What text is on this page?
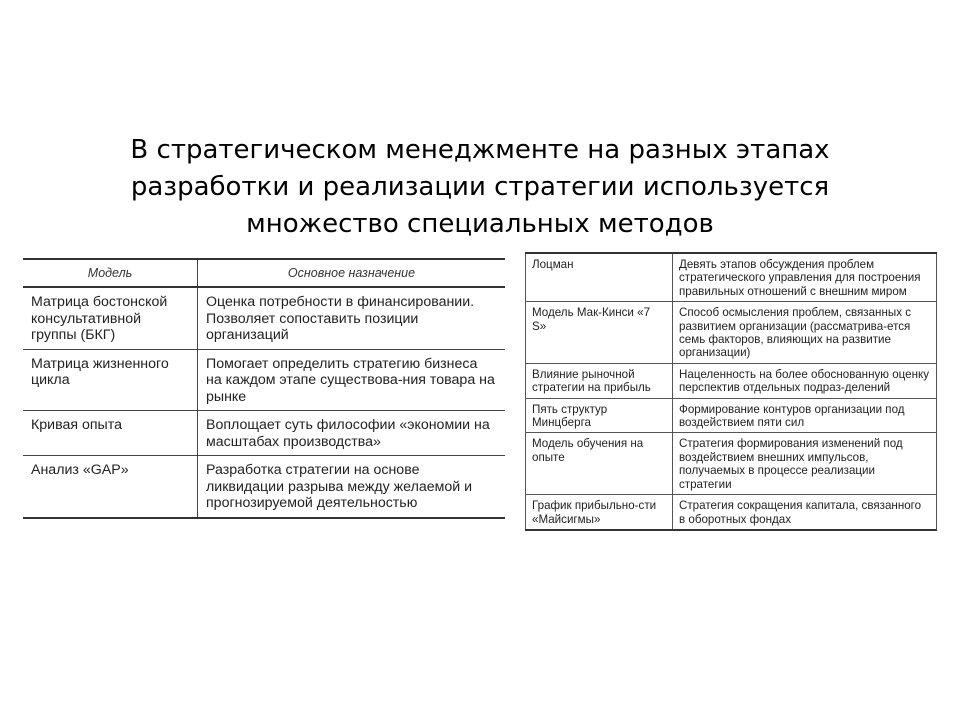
В стратегическом менеджменте на разных этапах
разработки и реализации стратегии используется
множество специальных методов
Модель	Основное назначение
Матрица бостонской консультативной группы (БКГ)	Оценка потребности в финансировании. Позволяет сопоставить позиции организаций
Матрица жизненного цикла	Помогает определить стратегию бизнеса на каждом этапе существова-ния товара на рынке
Кривая опыта	Воплощает суть философии «экономии на масштабах производства»
Анализ «GAP»	Разработка стратегии на основе ликвидации разрыва между желаемой и прогнозируемой деятельностью
Лоцман	Девять этапов обсуждения проблем стратегического управления для построения правильных отношений с внешним миром
Модель Мак-Кинси «7 S»	Способ осмысления проблем, связанных с развитием организации (рассматрива-ется семь факторов, влияющих на развитие организации)
Влияние рыночной стратегии на прибыль	Нацеленность на более обоснованную оценку перспектив отдельных подраз-делений
Пять структур Минцберга	Формирование контуров организации под воздействием пяти сил
Модель обучения на опыте	Стратегия формирования изменений под воздействием внешних импульсов, получаемых в процессе реализации стратегии
График прибыльно-сти «Майсигмы»	Стратегия сокращения капитала, связанного в оборотных фондах
